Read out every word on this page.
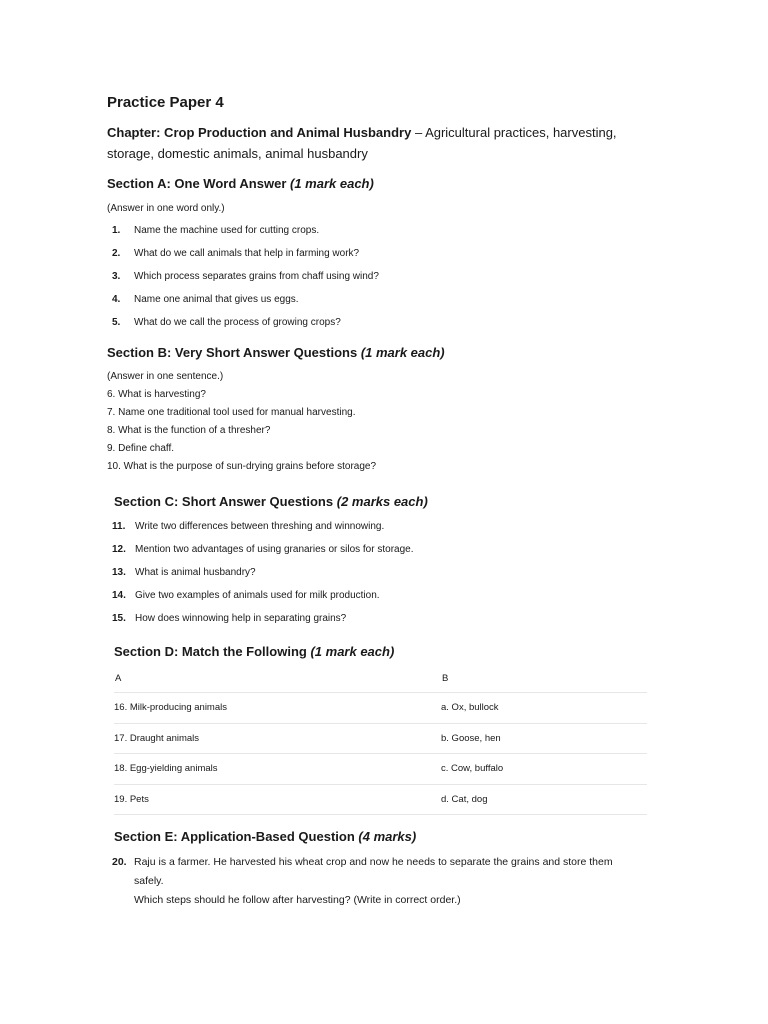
Practice Paper 4
Chapter: Crop Production and Animal Husbandry – Agricultural practices, harvesting, storage, domestic animals, animal husbandry
Section A: One Word Answer (1 mark each)
(Answer in one word only.)
1.	Name the machine used for cutting crops.
2.	What do we call animals that help in farming work?
3.	Which process separates grains from chaff using wind?
4.	Name one animal that gives us eggs.
5.	What do we call the process of growing crops?
Section B: Very Short Answer Questions (1 mark each)
(Answer in one sentence.)
6. What is harvesting?
7. Name one traditional tool used for manual harvesting.
8. What is the function of a thresher?
9. Define chaff.
10. What is the purpose of sun-drying grains before storage?
Section C: Short Answer Questions (2 marks each)
11. Write two differences between threshing and winnowing.
12. Mention two advantages of using granaries or silos for storage.
13. What is animal husbandry?
14. Give two examples of animals used for milk production.
15. How does winnowing help in separating grains?
Section D: Match the Following (1 mark each)
A	B
16. Milk-producing animals	a. Ox, bullock
17. Draught animals	b. Goose, hen
18. Egg-yielding animals	c. Cow, buffalo
19. Pets	d. Cat, dog
Section E: Application-Based Question (4 marks)
20. Raju is a farmer. He harvested his wheat crop and now he needs to separate the grains and store them safely.
Which steps should he follow after harvesting? (Write in correct order.)
